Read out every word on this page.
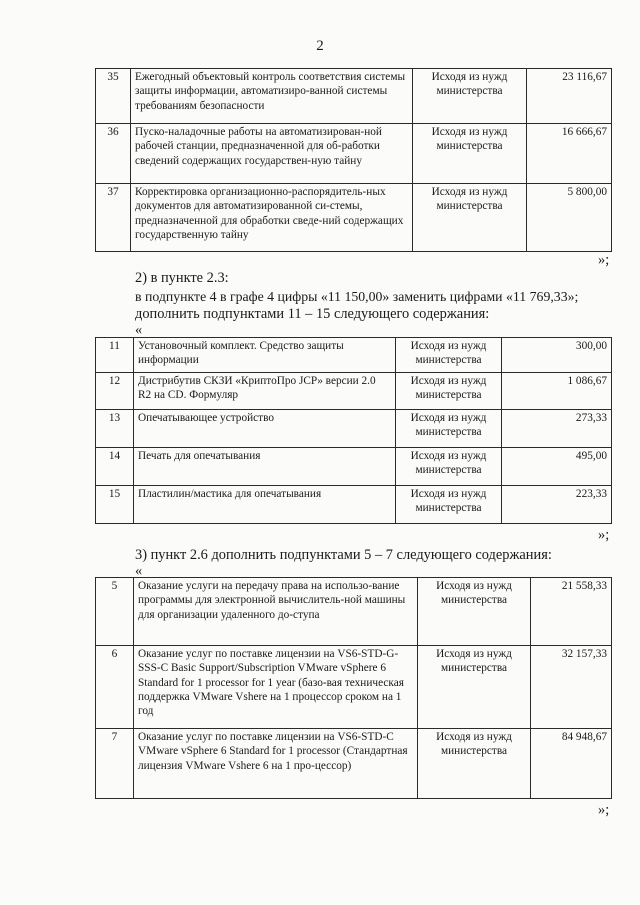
2
35	Ежегодный объектовый контроль соответствия системы защиты информации, автоматизиро-ванной системы требованиям безопасности	Исходя из нужд министерства	23 116,67
36	Пуско-наладочные работы на автоматизирован-ной рабочей станции, предназначенной для об-работки сведений содержащих государствен-ную тайну	Исходя из нужд министерства	16 666,67
37	Корректировка организационно-распорядитель-ных документов для автоматизированной си-стемы, предназначенной для обработки сведе-ний содержащих государственную тайну	Исходя из нужд министерства	5 800,00
»;
2) в пункте 2.3:
в подпункте 4 в графе 4 цифры «11 150,00» заменить цифрами «11 769,33»;
дополнить подпунктами 11 – 15 следующего содержания:
«
11	Установочный комплект. Средство защиты информации	Исходя из нужд министерства	300,00
12	Дистрибутив СКЗИ «КриптоПро JCP» версии 2.0 R2 на CD. Формуляр	Исходя из нужд министерства	1 086,67
13	Опечатывающее устройство	Исходя из нужд министерства	273,33
14	Печать для опечатывания	Исходя из нужд министерства	495,00
15	Пластилин/мастика для опечатывания	Исходя из нужд министерства	223,33
»;
3) пункт 2.6 дополнить подпунктами 5 – 7 следующего содержания:
«
5	Оказание услуги на передачу права на использо-вание программы для электронной вычислитель-ной машины для организации удаленного до-ступа	Исходя из нужд министерства	21 558,33
6	Оказание услуг по поставке лицензии на VS6-STD-G-SSS-C Basic Support/Subscription VMware vSphere 6 Standard for 1 processor for 1 year (базо-вая техническая поддержка VMware Vshere на 1 процессор сроком на 1 год	Исходя из нужд министерства	32 157,33
7	Оказание услуг по поставке лицензии на VS6-STD-C VMware vSphere 6 Standard for 1 processor (Стандартная лицензия VMware Vshere 6 на 1 про-цессор)	Исходя из нужд министерства	84 948,67
»;
